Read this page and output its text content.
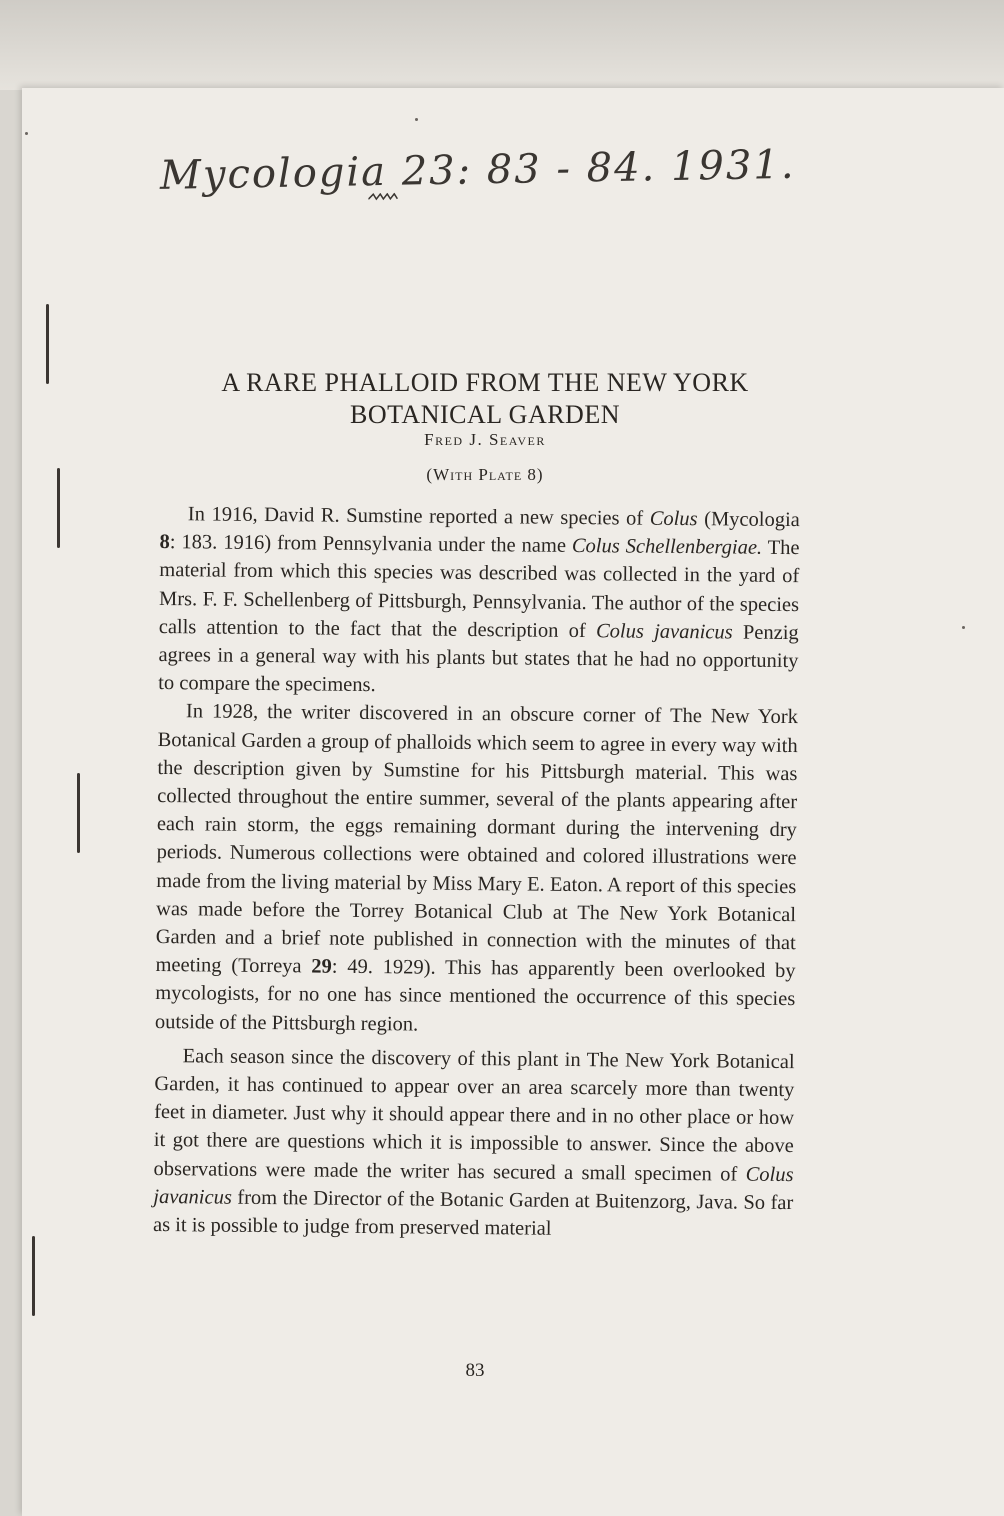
Mycologia 23: 83 - 84. 1931.
A RARE PHALLOID FROM THE NEW YORK
BOTANICAL GARDEN
Fred J. Seaver
(With Plate 8)

In 1916, David R. Sumstine reported a new species of Colus (Mycologia 8: 183. 1916) from Pennsylvania under the name Colus Schellenbergiae. The material from which this species was described was collected in the yard of Mrs. F. F. Schellenberg of Pittsburgh, Pennsylvania. The author of the species calls attention to the fact that the description of Colus javanicus Penzig agrees in a general way with his plants but states that he had no opportunity to compare the specimens.

In 1928, the writer discovered in an obscure corner of The New York Botanical Garden a group of phalloids which seem to agree in every way with the description given by Sumstine for his Pittsburgh material. This was collected throughout the entire summer, several of the plants appearing after each rain storm, the eggs remaining dormant during the intervening dry periods. Numerous collections were obtained and colored illustrations were made from the living material by Miss Mary E. Eaton. A report of this species was made before the Torrey Botanical Club at The New York Botanical Garden and a brief note published in connection with the minutes of that meeting (Torreya 29: 49. 1929). This has apparently been overlooked by mycologists, for no one has since mentioned the occurrence of this species outside of the Pittsburgh region.

Each season since the discovery of this plant in The New York Botanical Garden, it has continued to appear over an area scarcely more than twenty feet in diameter. Just why it should appear there and in no other place or how it got there are questions which it is impossible to answer. Since the above observations were made the writer has secured a small specimen of Colus javanicus from the Director of the Botanic Garden at Buitenzorg, Java. So far as it is possible to judge from preserved material

83
